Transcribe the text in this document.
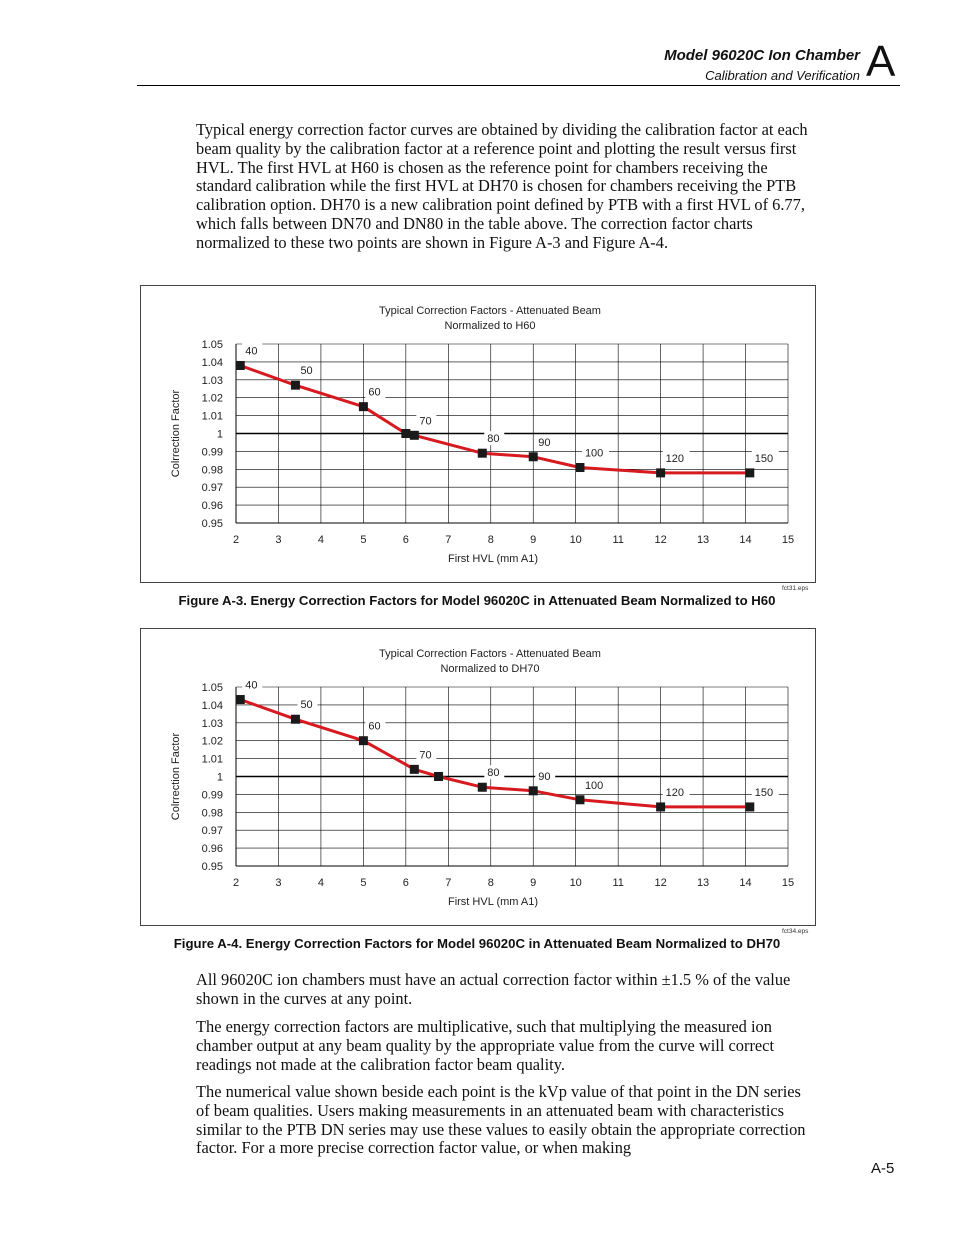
Model 96020C Ion Chamber
Calibration and Verification A

Typical energy correction factor curves are obtained by dividing the calibration factor at each beam quality by the calibration factor at a reference point and plotting the result versus first HVL. The first HVL at H60 is chosen as the reference point for chambers receiving the standard calibration while the first HVL at DH70 is chosen for chambers receiving the PTB calibration option. DH70 is a new calibration point defined by PTB with a first HVL of 6.77, which falls between DN70 and DN80 in the table above. The correction factor charts normalized to these two points are shown in Figure A-3 and Figure A-4.

2	3	4	5	6	7	8	9	10	11	12	13	14	15
1.05
1.04
1.03
1.02
1.01
1
0.99
0.98
0.97
0.96
0.95
Typical Correction Factors - Attenuated Beam
Normalized to H60
First HVL (mm A1)
Colrrection Factor
40
50
60
70
80	90
100	120	150
fct31.eps
Figure A-3. Energy Correction Factors for Model 96020C in Attenuated Beam Normalized to H60
2	3	4	5	6	7	8	9	10	11	12	13	14	15
1.05
1.04
1.03
1.02
1.01
1
0.99
0.98
0.97
0.96
0.95
Typical Correction Factors - Attenuated Beam
Normalized to DH70
First HVL (mm A1)
Colrrection Factor
40
50
60
70
80	90
100
120	150
fct34.eps
Figure A-4. Energy Correction Factors for Model 96020C in Attenuated Beam Normalized to DH70

All 96020C ion chambers must have an actual correction factor within ±1.5 % of the value shown in the curves at any point.

The energy correction factors are multiplicative, such that multiplying the measured ion chamber output at any beam quality by the appropriate value from the curve will correct readings not made at the calibration factor beam quality.

The numerical value shown beside each point is the kVp value of that point in the DN series of beam qualities. Users making measurements in an attenuated beam with characteristics similar to the PTB DN series may use these values to easily obtain the appropriate correction factor. For a more precise correction factor value, or when making

A-5
